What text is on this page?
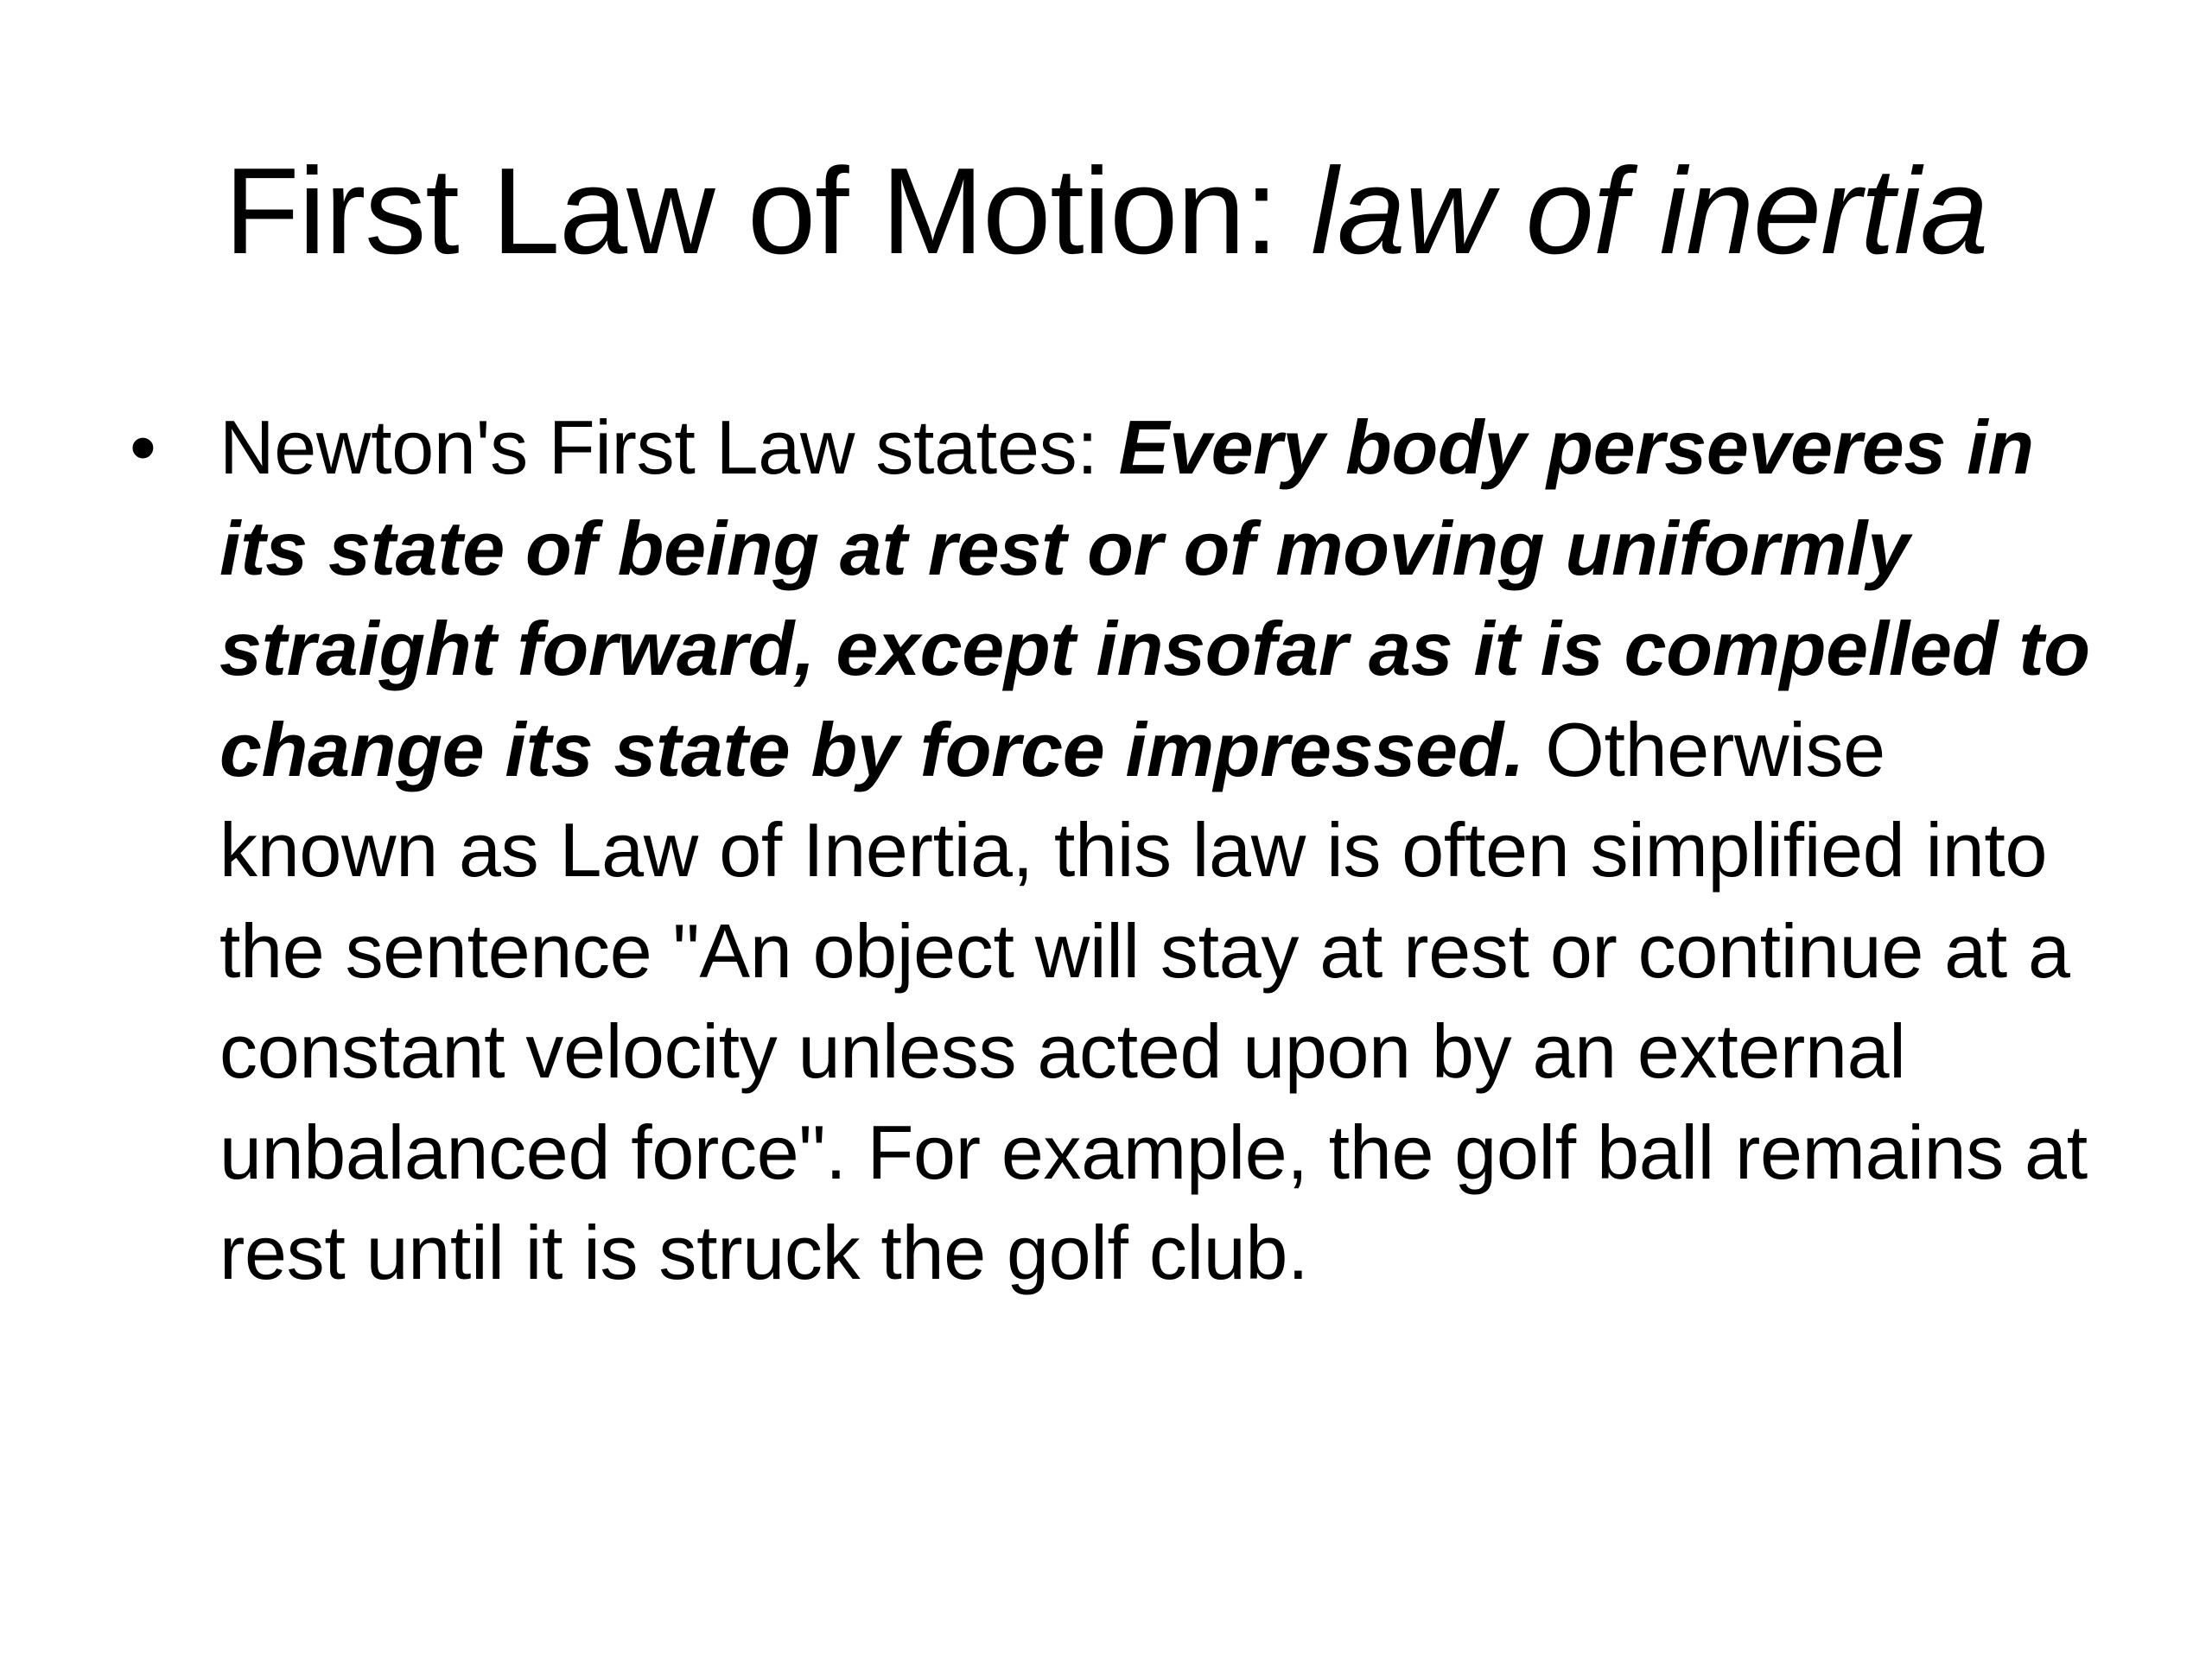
First Law of Motion: law of inertia
• Newton's First Law states: Every body perseveres in its state of being at rest or of moving uniformly straight forward, except insofar as it is compelled to change its state by force impressed. Otherwise known as Law of Inertia, this law is often simplified into the sentence "An object will stay at rest or continue at a constant velocity unless acted upon by an external unbalanced force". For example, the golf ball remains at rest until it is struck the golf club.
